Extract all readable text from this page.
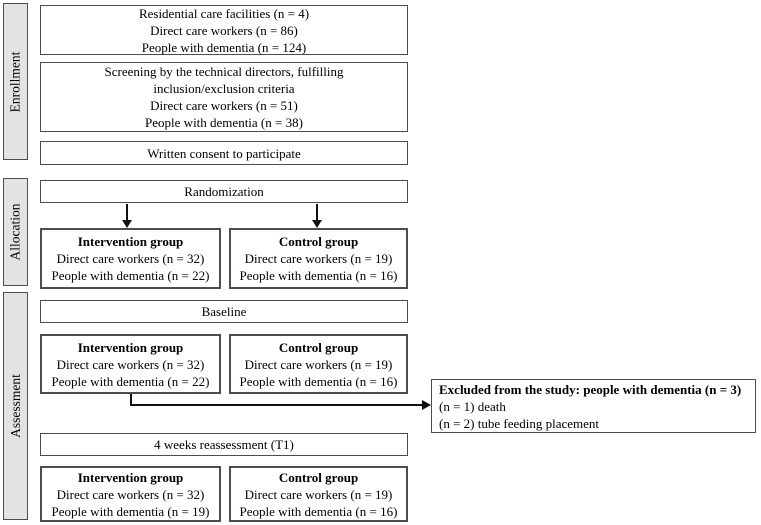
Enrollment
Allocation
Assessment
Residential care facilities (n = 4)
Direct care workers (n = 86)
People with dementia (n = 124)
Screening by the technical directors, fulfilling
inclusion/exclusion criteria
Direct care workers (n = 51)
People with dementia (n = 38)
Written consent to participate
Randomization
Intervention group
Direct care workers (n = 32)
People with dementia (n = 22)
Control group
Direct care workers (n = 19)
People with dementia (n = 16)
Baseline
Intervention group
Direct care workers (n = 32)
People with dementia (n = 22)
Control group
Direct care workers (n = 19)
People with dementia (n = 16)
Excluded from the study: people with dementia (n = 3)
(n = 1) death
(n = 2) tube feeding placement
4 weeks reassessment (T1)
Intervention group
Direct care workers (n = 32)
People with dementia (n = 19)
Control group
Direct care workers (n = 19)
People with dementia (n = 16)
